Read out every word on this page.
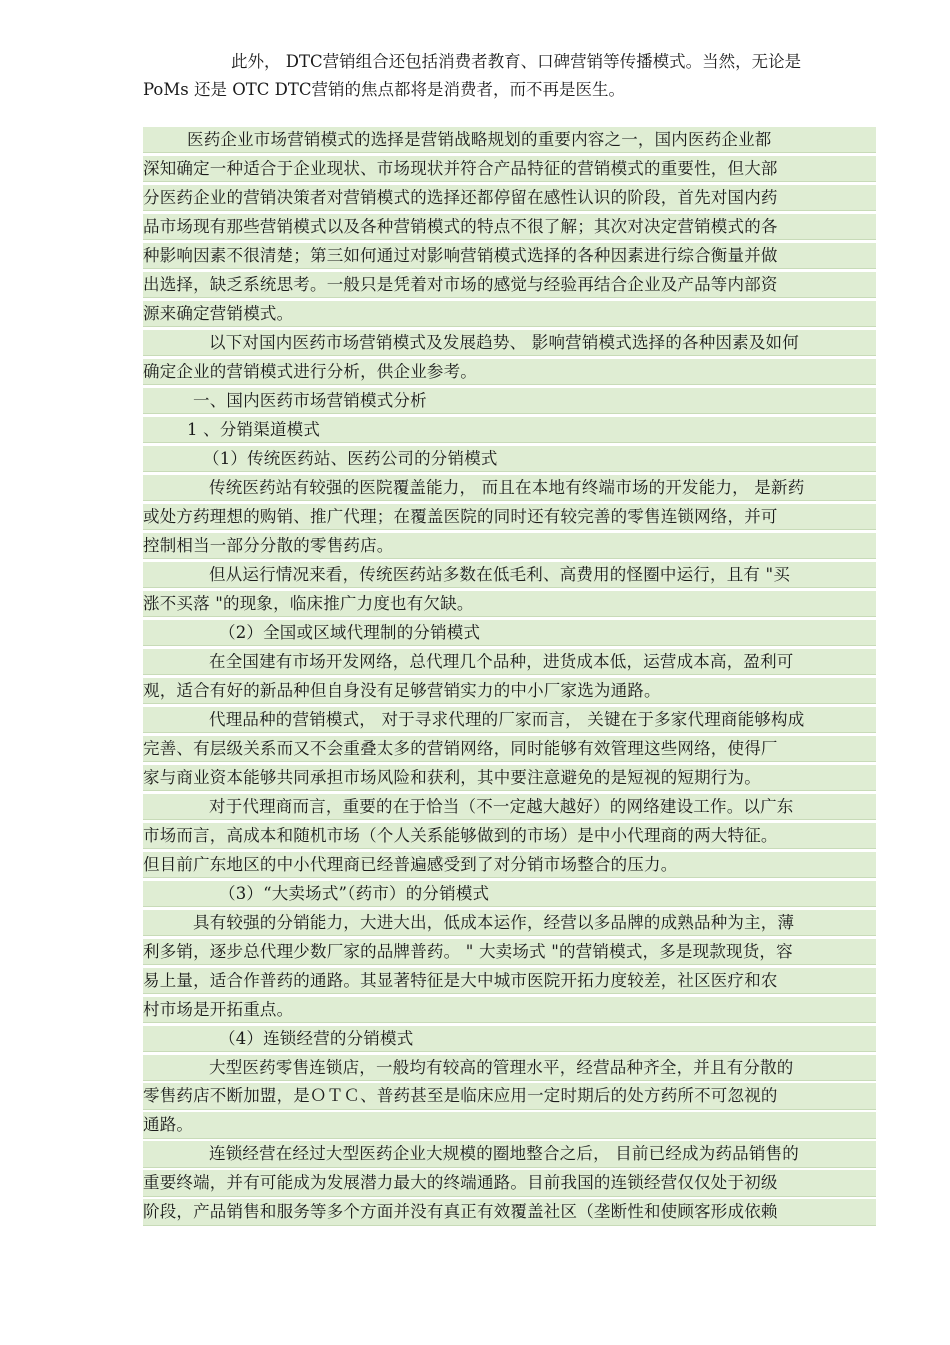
此外， DTC营销组合还包括消费者教育、口碑营销等传播模式。当然，无论是
PoMs 还是 OTC DTC营销的焦点都将是消费者，而不再是医生。
医药企业市场营销模式的选择是营销战略规划的重要内容之一，国内医药企业都
深知确定一种适合于企业现状、市场现状并符合产品特征的营销模式的重要性，但大部
分医药企业的营销决策者对营销模式的选择还都停留在感性认识的阶段，首先对国内药
品市场现有那些营销模式以及各种营销模式的特点不很了解；其次对决定营销模式的各
种影响因素不很清楚；第三如何通过对影响营销模式选择的各种因素进行综合衡量并做
出选择，缺乏系统思考。一般只是凭着对市场的感觉与经验再结合企业及产品等内部资
源来确定营销模式。
以下对国内医药市场营销模式及发展趋势、 影响营销模式选择的各种因素及如何
确定企业的营销模式进行分析，供企业参考。
一、国内医药市场营销模式分析
1 、分销渠道模式
（1）传统医药站、医药公司的分销模式
传统医药站有较强的医院覆盖能力， 而且在本地有终端市场的开发能力， 是新药
或处方药理想的购销、推广代理；在覆盖医院的同时还有较完善的零售连锁网络，并可
控制相当一部分分散的零售药店。
但从运行情况来看，传统医药站多数在低毛利、高费用的怪圈中运行，且有 "买
涨不买落 "的现象，临床推广力度也有欠缺。
（2）全国或区域代理制的分销模式
在全国建有市场开发网络，总代理几个品种，进货成本低，运营成本高，盈利可
观，适合有好的新品种但自身没有足够营销实力的中小厂家选为通路。
代理品种的营销模式， 对于寻求代理的厂家而言， 关键在于多家代理商能够构成
完善、有层级关系而又不会重叠太多的营销网络，同时能够有效管理这些网络，使得厂
家与商业资本能够共同承担市场风险和获利，其中要注意避免的是短视的短期行为。
对于代理商而言，重要的在于恰当（不一定越大越好）的网络建设工作。以广东
市场而言，高成本和随机市场（个人关系能够做到的市场）是中小代理商的两大特征。
但目前广东地区的中小代理商已经普遍感受到了对分销市场整合的压力。
（3）“大卖场式”（药市）的分销模式
具有较强的分销能力，大进大出，低成本运作，经营以多品牌的成熟品种为主，薄
利多销，逐步总代理少数厂家的品牌普药。 " 大卖场式 "的营销模式，多是现款现货，容
易上量，适合作普药的通路。其显著特征是大中城市医院开拓力度较差，社区医疗和农
村市场是开拓重点。
（4）连锁经营的分销模式
大型医药零售连锁店，一般均有较高的管理水平，经营品种齐全，并且有分散的
零售药店不断加盟，是ＯＴＣ、普药甚至是临床应用一定时期后的处方药所不可忽视的
通路。
连锁经营在经过大型医药企业大规模的圈地整合之后， 目前已经成为药品销售的
重要终端，并有可能成为发展潜力最大的终端通路。目前我国的连锁经营仅仅处于初级
阶段，产品销售和服务等多个方面并没有真正有效覆盖社区（垄断性和使顾客形成依赖
